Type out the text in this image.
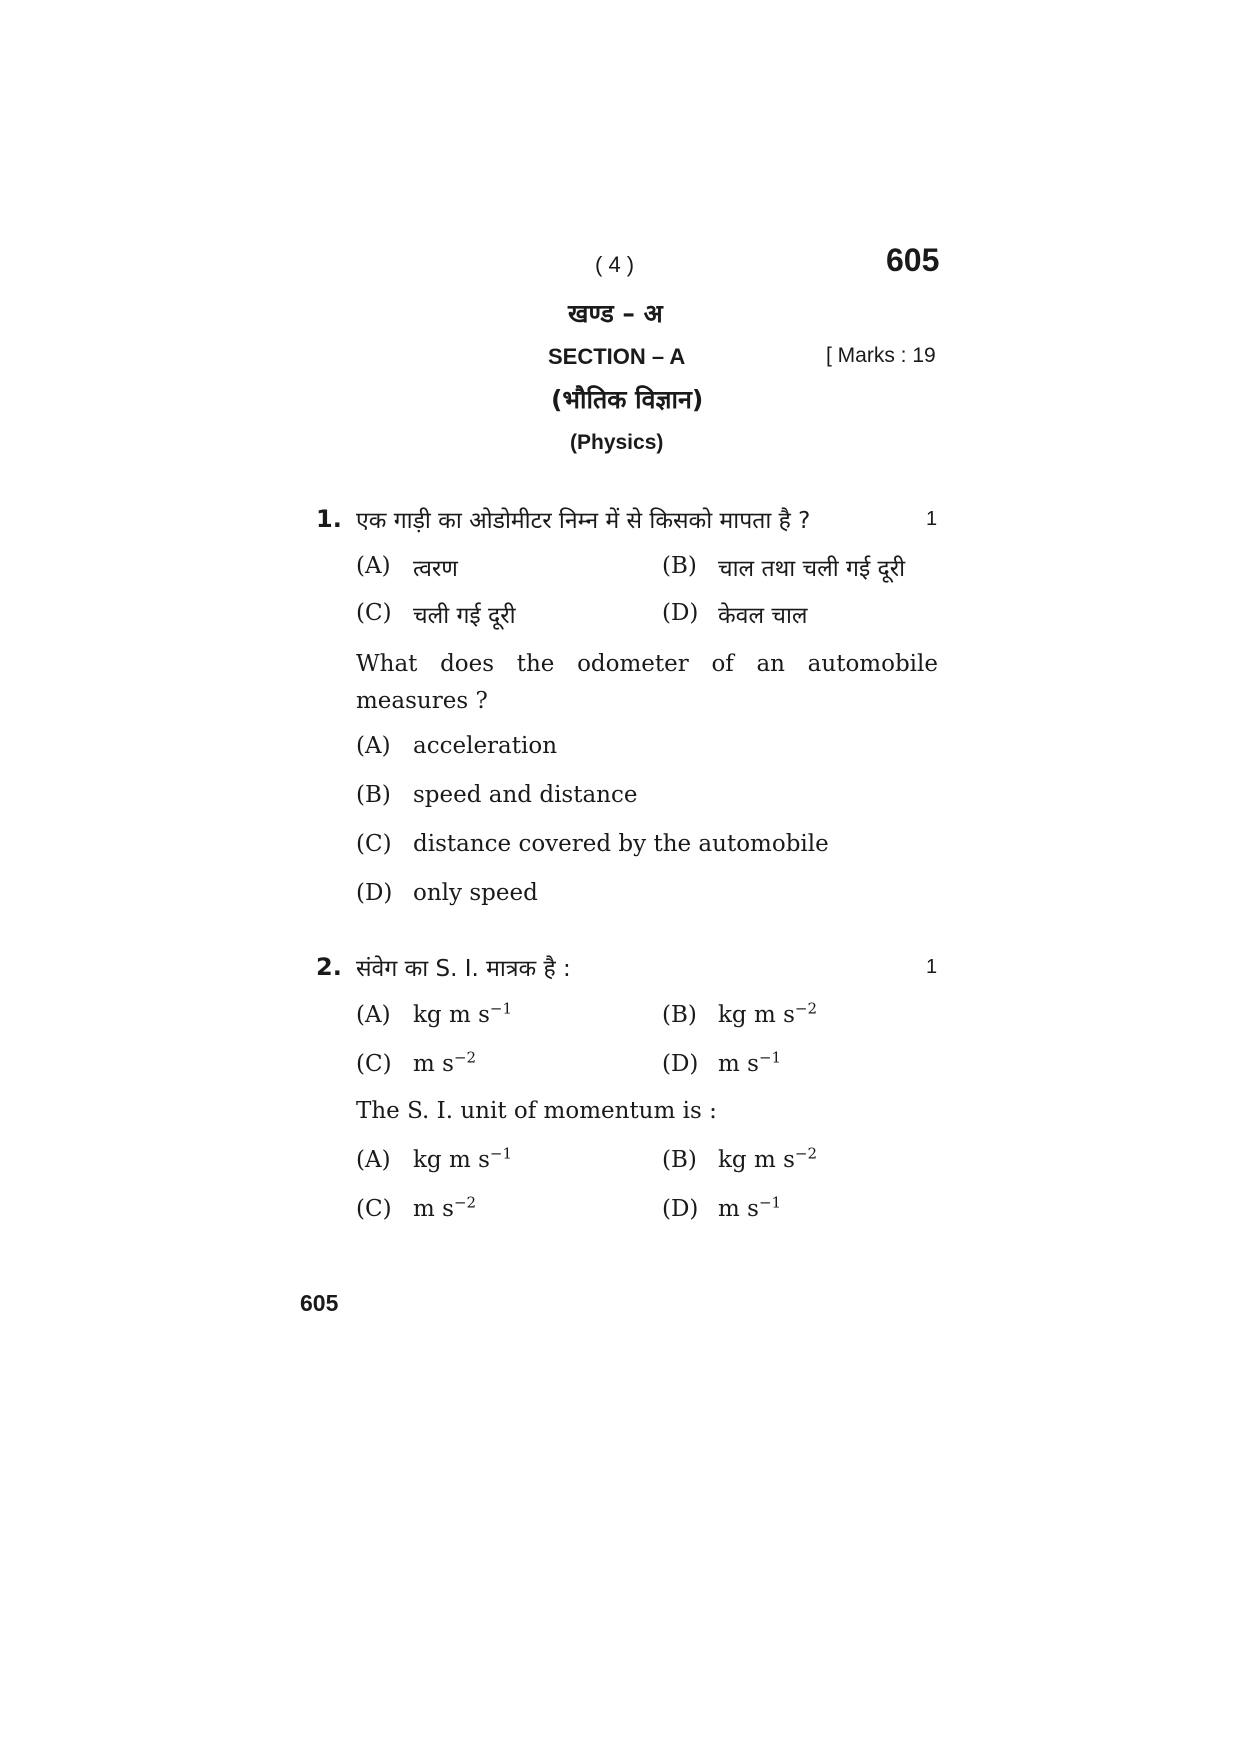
( 4 )	605
खण्ड – अ
SECTION – A	[ Marks : 19
(भौतिक विज्ञान)
(Physics)
1. एक गाड़ी का ओडोमीटर निम्न में से किसको मापता है ?	1
(A) त्वरण	(B) चाल तथा चली गई दूरी
(C) चली गई दूरी	(D) केवल चाल
What does the odometer of an automobile measures ?
(A) acceleration
(B) speed and distance
(C) distance covered by the automobile
(D) only speed
2. संवेग का S. I. मात्रक है :	1
(A) kg m $s^{-1}$	(B) kg m $s^{-2}$
(C) m $s^{-2}$	(D) m $s^{-1}$
The S. I. unit of momentum is :
(A) kg m $s^{-1}$	(B) kg m $s^{-2}$
(C) m $s^{-2}$	(D) m $s^{-1}$
605
